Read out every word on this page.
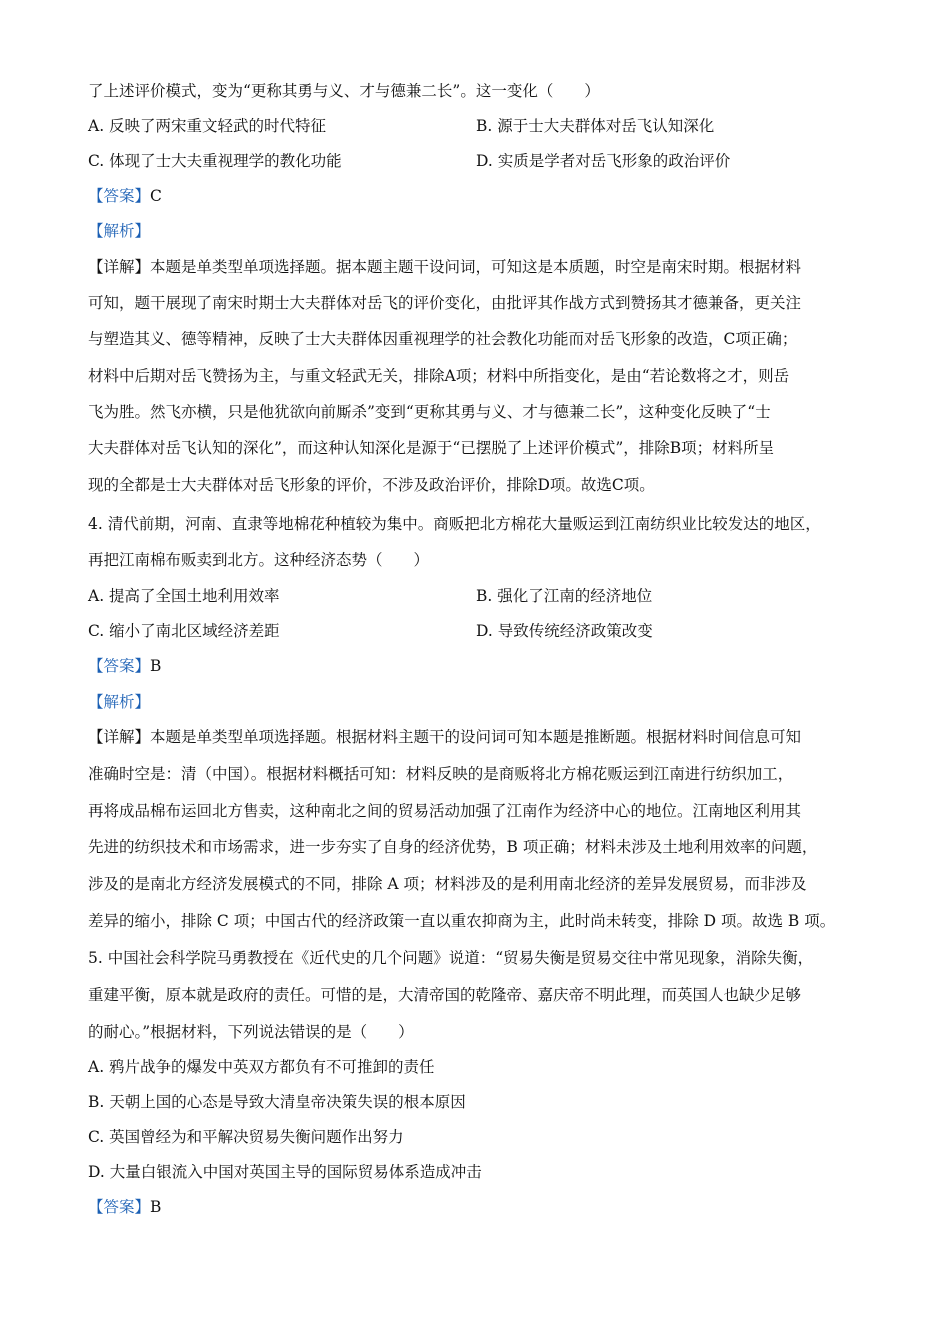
了上述评价模式，变为“更称其勇与义、才与德兼二长”。这一变化（　　）
A. 反映了两宋重文轻武的时代特征	B. 源于士大夫群体对岳飞认知深化
C. 体现了士大夫重视理学的教化功能	D. 实质是学者对岳飞形象的政治评价
【答案】C
【解析】
【详解】本题是单类型单项选择题。据本题主题干设问词，可知这是本质题，时空是南宋时期。根据材料
可知，题干展现了南宋时期士大夫群体对岳飞的评价变化，由批评其作战方式到赞扬其才德兼备，更关注
与塑造其义、德等精神，反映了士大夫群体因重视理学的社会教化功能而对岳飞形象的改造，C项正确；
材料中后期对岳飞赞扬为主，与重文轻武无关，排除A项；材料中所指变化，是由“若论数将之才，则岳
飞为胜。然飞亦横，只是他犹欲向前厮杀”变到“更称其勇与义、才与德兼二长”，这种变化反映了“士
大夫群体对岳飞认知的深化”，而这种认知深化是源于“已摆脱了上述评价模式”，排除B项；材料所呈
现的全都是士大夫群体对岳飞形象的评价，不涉及政治评价，排除D项。故选C项。
4. 清代前期，河南、直隶等地棉花种植较为集中。商贩把北方棉花大量贩运到江南纺织业比较发达的地区，
再把江南棉布贩卖到北方。这种经济态势（　　）
A. 提高了全国土地利用效率	B. 强化了江南的经济地位
C. 缩小了南北区域经济差距	D. 导致传统经济政策改变
【答案】B
【解析】
【详解】本题是单类型单项选择题。根据材料主题干的设问词可知本题是推断题。根据材料时间信息可知
准确时空是：清（中国）。根据材料概括可知：材料反映的是商贩将北方棉花贩运到江南进行纺织加工，
再将成品棉布运回北方售卖，这种南北之间的贸易活动加强了江南作为经济中心的地位。江南地区利用其
先进的纺织技术和市场需求，进一步夯实了自身的经济优势，B 项正确；材料未涉及土地利用效率的问题，
涉及的是南北方经济发展模式的不同，排除 A 项；材料涉及的是利用南北经济的差异发展贸易，而非涉及
差异的缩小，排除 C 项；中国古代的经济政策一直以重农抑商为主，此时尚未转变，排除 D 项。故选 B 项。
5. 中国社会科学院马勇教授在《近代史的几个问题》说道：“贸易失衡是贸易交往中常见现象，消除失衡，
重建平衡，原本就是政府的责任。可惜的是，大清帝国的乾隆帝、嘉庆帝不明此理，而英国人也缺少足够
的耐心。”根据材料，下列说法错误的是（　　）
A. 鸦片战争的爆发中英双方都负有不可推卸的责任
B. 天朝上国的心态是导致大清皇帝决策失误的根本原因
C. 英国曾经为和平解决贸易失衡问题作出努力
D. 大量白银流入中国对英国主导的国际贸易体系造成冲击
【答案】B
